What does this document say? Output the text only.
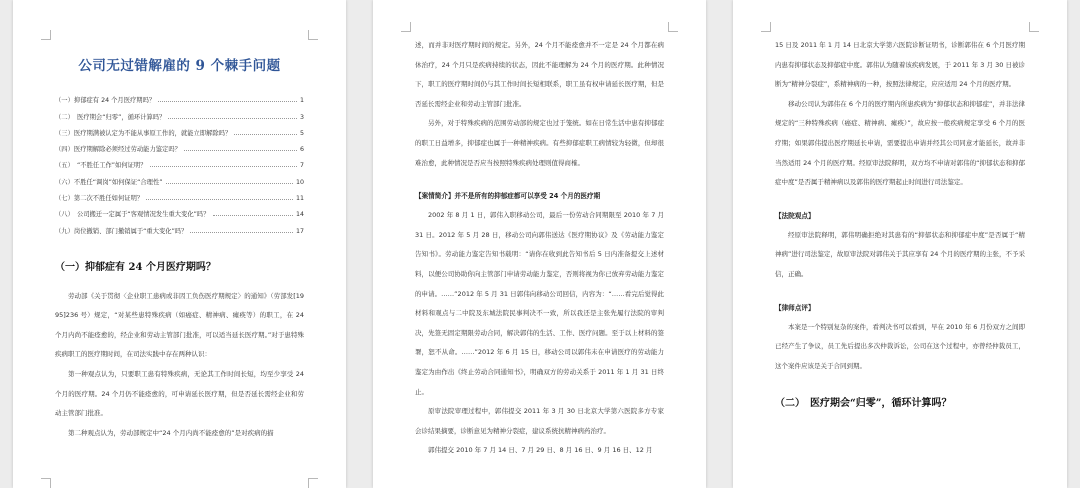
公司无过错解雇的 9 个棘手问题
（一）抑郁症有 24 个月医疗期吗？	1
（二）　医疗期会“归零”，循环计算吗？	3
（三）医疗期满被认定为不能从事原工作的，就能立即解除吗？	5
（四）医疗期解除必须经过劳动能力鉴定吗？	6
（五）　“不胜任工作”如何证明？	7
（六）不胜任“调岗”如何保证“合理性”	10
（七）第二次不胜任如何证明？	11
（八）　公司搬迁一定属于“客观情况发生重大变化”吗？	14
（九）岗位撤销、部门撤销属于“重大变化”吗？	17
（一）抑郁症有 24 个月医疗期吗？

劳动部《关于贯彻〈企业职工患病或非因工负伤医疗期规定〉的通知》（劳部发[1995]236 号）规定，“对某些患特殊疾病（如癌症、精神病、瘫痪等）的职工，在 24 个月内尚不能痊愈的，经企业和劳动主管部门批准，可以适当延长医疗期。”对于患特殊疾病职工的医疗期时间，在司法实践中存在两种认识：

第一种观点认为，只要职工患有特殊疾病，无论其工作时间长短，均至少享受 24 个月的医疗期。24 个月仍不能痊愈的，可申请延长医疗期，但是否延长需经企业和劳动主管部门批准。

第二种观点认为，劳动部规定中“24 个月内尚不能痊愈的”是对疾病的描

述，而并非对医疗期时间的规定。另外，24 个月不能痊愈并不一定是 24 个月都在病休治疗，24 个月只是疾病持续的状态，因此不能理解为 24 个月的医疗期。此种情况下，职工的医疗期时间仍与其工作时间长短相联系，职工虽有权申请延长医疗期，但是否延长需经企业和劳动主管部门批准。

另外，对于特殊疾病的范围劳动部的规定也过于笼统。如在日常生活中患有抑郁症的职工日益增多，抑郁症也属于一种精神疾病。有些抑郁症职工病情较为轻微，但却很难治愈，此种情况是否应当按照特殊疾病处理则值得商榷。

【案情简介】并不是所有的抑郁症都可以享受 24 个月的医疗期

2002 年 8 月 1 日，郭伟入职移动公司，最后一份劳动合同期限至 2010 年 7 月 31 日。2012 年 5 月 28 日，移动公司向郭伟送达《医疗期协议》及《劳动能力鉴定告知书》。劳动能力鉴定告知书载明：“请你在收到此告知书后 5 日内准备提交上述材料，以便公司协助你向主管部门申请劳动能力鉴定，否则将视为你已放弃劳动能力鉴定的申请。……”2012 年 5 月 31 日郭伟向移动公司回信，内容为：“……看完后觉得此材料和观点与二中院及东城法院民事判决不一致，所以我还是主张先履行法院的审判决，先签无固定期限劳动合同，解决郭伟的生活、工作、医疗问题。至于以上材料的签署，恕不从命。……”2012 年 6 月 15 日，移动公司以郭伟未在申请医疗的劳动能力鉴定为由作出《终止劳动合同通知书》，明确双方的劳动关系于 2011 年 1 月 31 日终止。

原审法院审理过程中，郭伟提交 2011 年 3 月 30 日北京大学第六医院多方专家会诊结果摘要，诊断意见为精神分裂症，建议系统抗精神病药治疗。

郭伟提交 2010 年 7 月 14 日、7 月 29 日、8 月 16 日、9 月 16 日、12 月

15 日及 2011 年 1 月 14 日北京大学第六医院诊断证明书，诊断郭伟在 6 个月医疗期内患有抑郁状态及抑郁症中度。郭伟认为随着该疾病发展，于 2011 年 3 月 30 日被诊断为“精神分裂症”，系精神病的一种，按照法律规定，应应适用 24 个月的医疗期。

移动公司认为郭伟在 6 个月的医疗期内所患疾病为“抑郁状态和抑郁症”，并非法律规定的“三种特殊疾病（癌症、精神病、瘫痪）”，故应按一般疾病规定享受 6 个月的医疗期；如果郭伟提出医疗期延长申请，需要提出申请并经其公司同意才能延长，故并非当然适用 24 个月的医疗期。经原审法院释明，双方均不申请对郭伟的“抑郁状态和抑郁症中度”是否属于精神病以及郭伟的医疗期起止时间进行司法鉴定。

【法院观点】

经原审法院释明，郭伟明确拒绝对其患有的“抑郁状态和抑郁症中度”是否属于“精神病”进行司法鉴定，故原审法院对郭伟关于其应享有 24 个月的医疗期的主张，不予采信，正确。

【律师点评】

本案是一个特别复杂的案件，看判决书可以看到，早在 2010 年 6 月份双方之间即已经产生了争议，员工先后提出多次仲裁诉讼，公司在这个过程中，亦曾经仲裁员工，这个案件应该是关于合同到期。

（二）　医疗期会“归零”，循环计算吗？
